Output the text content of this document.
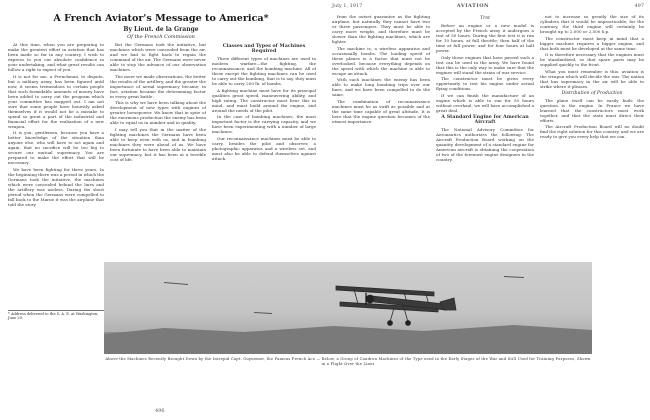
A French Aviator's Message to America*
By Lieut. de la Grange
Of the French Commission

At this time, when you are preparing to make the greatest effort in aviation that has been made so far in any country, I wish to express to you our absolute confidence in your undertaking, and what great results can follow a right to expect of you.

It is not for me, a Frenchman, to dispute, but a military army, has been figured until now, it seems tremendous to certain people that such formidable amounts of money have been added to carry out the program which your committee has mapped out. I am not sure that some people have honestly asked themselves if it would not be a mistake to spend so great a part of the industrial and financial effort for the realization of a new weapon.

It is you, gentlemen, because you have a better knowledge of the situation than anyone else, who will have to act again and again, that no sacrifice will be too big to secure our mutual supremacy. You are prepared to make the effort that will be necessary.

We have been fighting for three years. In the beginning there was a period in which the Germans took the initiative, the machines which were concealed behind the lines and the artillery was useless. During the short period when the Germans were compelled to fall back to the Marne it was the airplane that told the story.

But the Germans took the initiative, but machines which were concealed from the air, and we had to fight back to regain the command of the air. The Germans were never able to stop the advance of our observation machines.

The more we made observations, the better the results of the artillery, and the greater the importance of aerial supremacy became; in fact, aviation became the determining factor in every great battle.

This is why we have been talking about the development of new types with engines of greater horsepower. We know that in spite of the enormous production the enemy has been able to equal us in number and in quality.

I may tell you that in the matter of the fighting machines the Germans have been able to keep even with us, and in bombing machines they were ahead of us. We have been fortunate to have been able to maintain our supremacy, but it has been at a terrible cost of life.

Classes and Types of Machines Required

Three different types of machines are used in modern warfare—the fighting, the reconnaissance, and the bombing machine. All of these except the fighting machines can be used to carry out the bombing, that is to say, they must be able to carry 200 lb. of bombs.

A fighting machine must have for its principal qualities great speed, maneuvering ability, and high rating. The constructor must bear this in mind, and must build around the engine, and around the needs of the pilot.

In the case of bombing machines, the most important factor is the carrying capacity, and we have been experimenting with a number of large machines.

Our reconnaissance machines must be able to carry, besides the pilot and observer, a photographic apparatus and a wireless set, and must also be able to defend themselves against attack.

* Address delivered to the S. A. E. at Washington, June 29.
496
July 1, 1917	AVIATION	497

from the outset guarantee as the fighting airplane, but naturally they cannot have two or three passengers. They must be able to carry more weight, and therefore must be slower than the fighting machines, which are lighter.

The machine is, a wireless apparatus and occasionally bombs. The loading speed of these planes is a factor that must not be overlooked, because everything depends on the speed with which the machine is able to escape an attack.

With such machines the enemy has been able to make long bombing trips over our lines, and we have been compelled to do the same.

The combination of reconnaissance machines must be as swift as possible and at the same time capable of great altitude. It is here that the engine question becomes of the utmost importance.

Trot

Before an engine or a new model is accepted by the French army it undergoes a test of 50 hours. During the first test it is run for 10 hours, at full throttle; then half of the time at full power, and for four hours at half power.

Only those engines that have passed such a test can be used in the army. We have found that this is the only way to make sure that the engines will stand the strain of war service.

The constructor must be given every opportunity to test his engine under actual flying conditions.

If we can finish the manufacture of an engine which is able to run for 50 hours without overhaul, we will have accomplished a great deal.

A Standard Engine for American Aircraft

The National Advisory Committee for Aeronautics authorizes the following: The Aircraft Production Board working on the quantity development of a standard engine for American aircraft is obtaining the cooperation of two of the foremost engine designers in the country.

not to increase so greatly the size of its cylinders that it would be impracticable; for the contrary, the third engine will certainly be brought up to 2,000 or 2,500 h.p.

The constructor must keep in mind that a bigger machine requires a bigger engine, and that both must be developed at the same time.

It is therefore necessary that the engines must be standardized, so that spare parts may be supplied quickly to the front.

What you must remember is this: aviation is the weapon which will decide the war. The nation that has supremacy in the air will be able to strike where it pleases.

Distribution of Production

The plane itself can be easily built: the question is the engine. In France we have learned that the constructors must work together, and that the state must direct their efforts.

The Aircraft Production Board will no doubt find the right solution for this country, and we are ready to give you every help that we can.

Above the Machines Recently Brought Down by the Intrepid Capt. Guynemer, the Famous French Ace — Below, a Group of Caudron Machines of the Type used in the Early Stages of the War and Still Used for Training Purposes, Shown in a Flight Over the Lines
